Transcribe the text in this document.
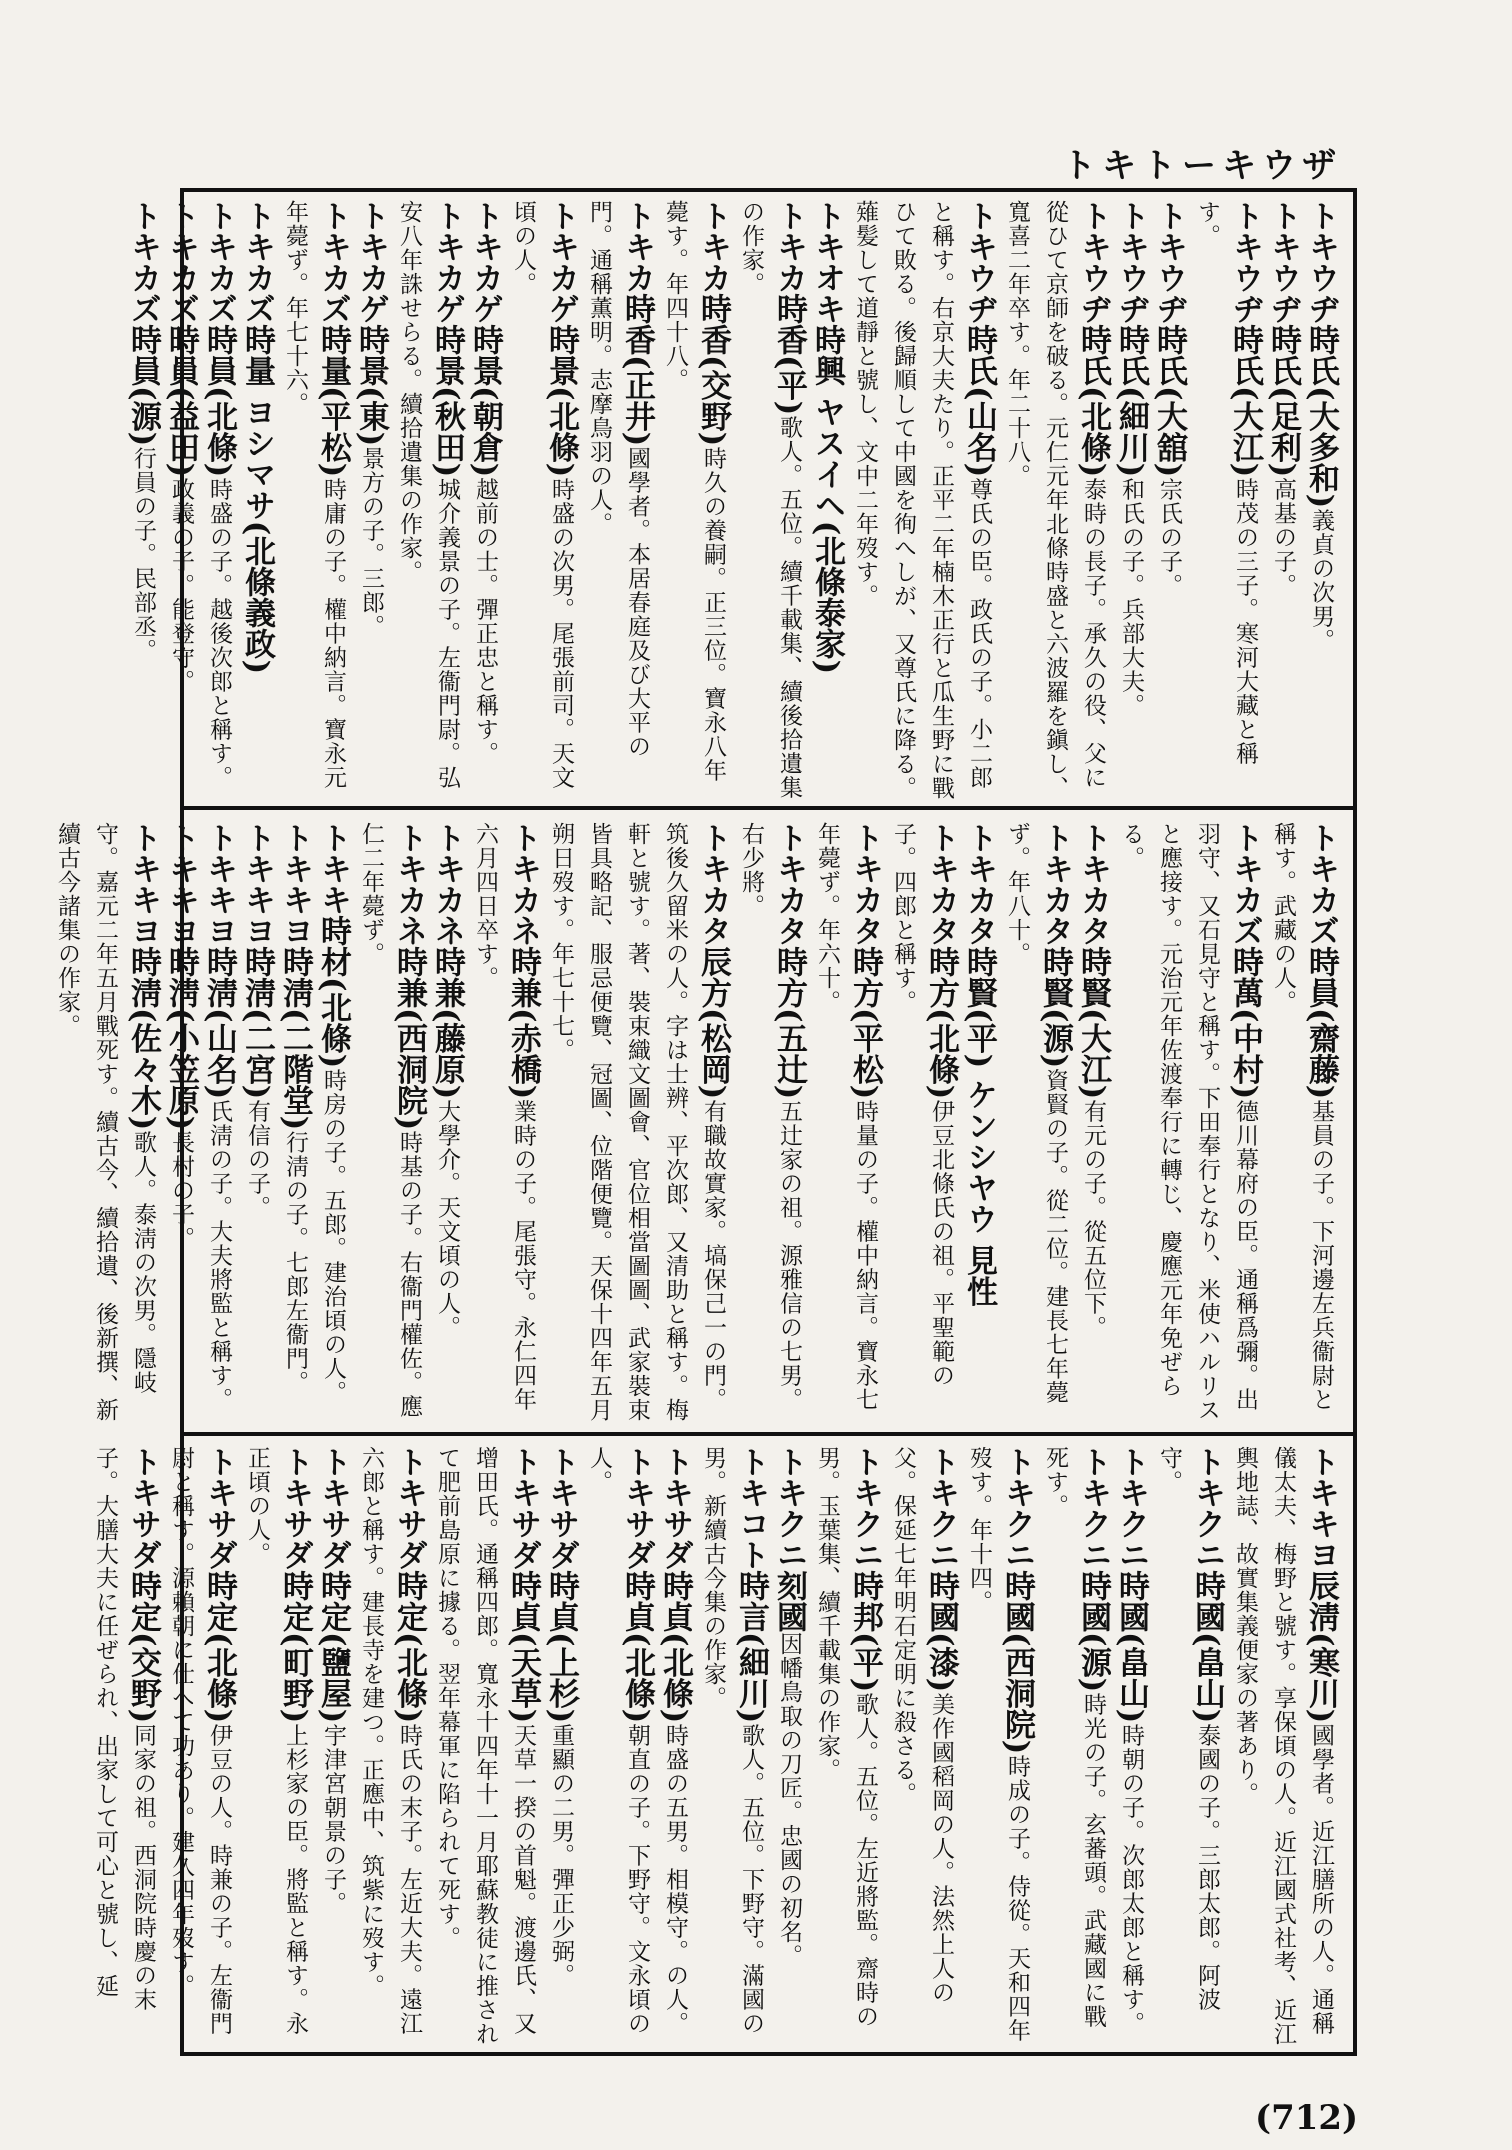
トキトーキウザ

トキウヂ時氏(大多和)義貞の次男。

トキウヂ時氏(足利)高基の子。

トキウヂ時氏(大江)時茂の三子。寒河大藏と稱す。

トキウヂ時氏(大舘)宗氏の子。

トキウヂ時氏(細川)和氏の子。兵部大夫。

トキウヂ時氏(北條)泰時の長子。承久の役、父に從ひて京師を破る。元仁元年北條時盛と六波羅を鎭し、寬喜二年卒す。年二十八。

トキウヂ時氏(山名)尊氏の臣。政氏の子。小二郎と稱す。右京大夫たり。正平二年楠木正行と瓜生野に戰ひて敗る。後歸順して中國を徇へしが、又尊氏に降る。薙髪して道靜と號し、文中二年歿す。

トキオキ時興 ヤスイヘ(北條泰家)

トキカ時香(平)歌人。五位。續千載集、續後拾遺集の作家。

トキカ時香(交野)時久の養嗣。正三位。寶永八年薨す。年四十八。

トキカ時香(正井)國學者。本居春庭及び大平の門。通稱薫明。志摩鳥羽の人。

トキカゲ時景(北條)時盛の次男。尾張前司。天文頃の人。

トキカゲ時景(朝倉)越前の士。彈正忠と稱す。

トキカゲ時景(秋田)城介義景の子。左衞門尉。弘安八年誅せらる。續拾遺集の作家。

トキカゲ時景(東)景方の子。三郎。

トキカズ時量(平松)時庸の子。權中納言。寶永元年薨ず。年七十六。

トキカズ時量 ヨシマサ(北條義政)

トキカズ時員(北條)時盛の子。越後次郎と稱す。

トキカズ時員(益田)政義の子。能登守。

トキカズ時員(源)行員の子。民部丞。

トキカズ時員(齋藤)基員の子。下河邊左兵衞尉と稱す。武藏の人。

トキカズ時萬(中村)德川幕府の臣。通稱爲彌。出羽守、又石見守と稱す。下田奉行となり、米使ハルリスと應接す。元治元年佐渡奉行に轉じ、慶應元年免ぜらる。

トキカタ時賢(大江)有元の子。從五位下。

トキカタ時賢(源)資賢の子。從二位。建長七年薨ず。年八十。

トキカタ時賢(平) ケンシヤウ 見性

トキカタ時方(北條)伊豆北條氏の祖。平聖範の子。四郎と稱す。

トキカタ時方(平松)時量の子。權中納言。寶永七年薨ず。年六十。

トキカタ時方(五辻)五辻家の祖。源雅信の七男。右少將。

トキカタ辰方(松岡)有職故實家。塙保己一の門。筑後久留米の人。字は士辨、平次郎、又清助と稱す。梅軒と號す。著、裝束織文圖會、官位相當圖圖、武家裝束皆具略記、服忌便覽、冠圖、位階便覽。天保十四年五月朔日歿す。年七十七。

トキカネ時兼(赤橋)業時の子。尾張守。永仁四年六月四日卒す。

トキカネ時兼(藤原)大學介。天文頃の人。

トキカネ時兼(西洞院)時基の子。右衞門權佐。應仁二年薨ず。

トキキ時材(北條)時房の子。五郎。建治頃の人。

トキキヨ時淸(二階堂)行淸の子。七郎左衞門。

トキキヨ時淸(二宮)有信の子。

トキキヨ時淸(山名)氏淸の子。大夫將監と稱す。

トキキヨ時淸(小笠原)長村の子。

トキキヨ時淸(佐々木)歌人。泰淸の次男。隱岐守。嘉元二年五月戰死す。續古今、續拾遺、後新撰、新續古今諸集の作家。

トキキヨ辰淸(寒川)國學者。近江膳所の人。通稱儀太夫、梅野と號す。享保頃の人。近江國式社考、近江輿地誌、故實集義便家の著あり。

トキクニ時國(畠山)泰國の子。三郎太郎。阿波守。

トキクニ時國(畠山)時朝の子。次郎太郎と稱す。

トキクニ時國(源)時光の子。玄蕃頭。武藏國に戰死す。

トキクニ時國(西洞院)時成の子。侍從。天和四年歿す。年十四。

トキクニ時國(漆)美作國稻岡の人。法然上人の父。保延七年明石定明に殺さる。

トキクニ時邦(平)歌人。五位。左近將監。齋時の男。玉葉集、續千載集の作家。

トキクニ刻國因幡鳥取の刀匠。忠國の初名。

トキコト時言(細川)歌人。五位。下野守。滿國の男。新續古今集の作家。

トキサダ時貞(北條)時盛の五男。相模守。の人。

トキサダ時貞(北條)朝直の子。下野守。文永頃の人。

トキサダ時貞(上杉)重顯の二男。彈正少弼。

トキサダ時貞(天草)天草一揆の首魁。渡邊氏、又增田氏。通稱四郎。寬永十四年十一月耶蘇教徒に推されて肥前島原に據る。翌年幕軍に陷られて死す。

トキサダ時定(北條)時氏の末子。左近大夫。遠江六郎と稱す。建長寺を建つ。正應中、筑紫に歿す。

トキサダ時定(鹽屋)宇津宮朝景の子。

トキサダ時定(町野)上杉家の臣。將監と稱す。永正頃の人。

トキサダ時定(北條)伊豆の人。時兼の子。左衞門尉と稱す。源賴朝に仕へて功あり。建久四年歿す。

トキサダ時定(交野)同家の祖。西洞院時慶の末子。大膳大夫に任ぜられ、出家して可心と號し、延

(712)
